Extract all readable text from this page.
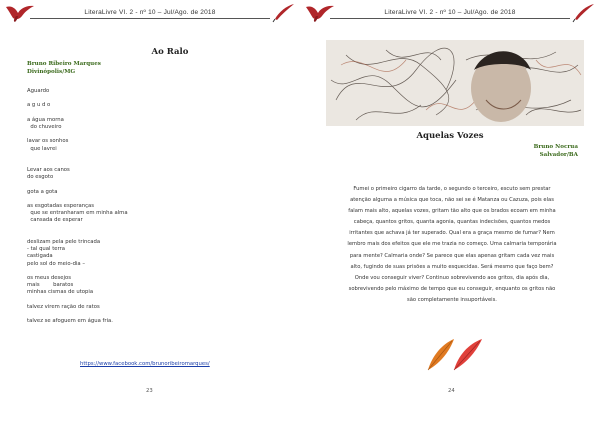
LiteraLivre VI. 2 - nº 10 – Jul/Ago. de 2018
Ao Ralo
Bruno Ribeiro Marques
Divinópolis/MG
Aguardo
a g u d o
a água morna
do chuveiro
lavar os sonhos
que lavrei
Levar aos canos
do esgoto
gota a gota
as esgotadas esperanças
que se entranharam em minha alma
cansada de esperar
deslizam pela pele trincada
- tal qual terra
castigada
pelo sol do meio-dia –
os meus desejos
mais        baratos
minhas cismas de utopia
talvez virem ração de ratos
talvez se afoguem em água fria.
https://www.facebook.com/brunoribeiromarques/
23
LiteraLivre VI. 2 - nº 10 – Jul/Ago. de 2018
Aquelas Vozes
Bruno Nocrua
Salvador/BA
Fumei o primeiro cigarro da tarde, o segundo o terceiro, escuto sem prestar
atenção alguma a música que toca, não sei se é Matanza ou Cazuza, pois elas
falam mais alto, aquelas vozes, gritam tão alto que os brados ecoam em minha
cabeça, quantos gritos, quanta agonia, quantas indecisões, quantos medos
irritantes que achava já ter superado. Qual era a graça mesmo de fumar? Nem
lembro mais dos efeitos que ele me trazia no começo. Uma calmaria temporária
para mente? Calmaria onde? Se parece que elas apenas gritam cada vez mais
alto, fugindo de suas prisões a muito esquecidas. Será mesmo que faço bem?
Onde vou conseguir viver? Continuo sobrevivendo aos gritos, dia após dia,
sobrevivendo pelo máximo de tempo que eu conseguir, enquanto os gritos não
são completamente insuportáveis.
24
